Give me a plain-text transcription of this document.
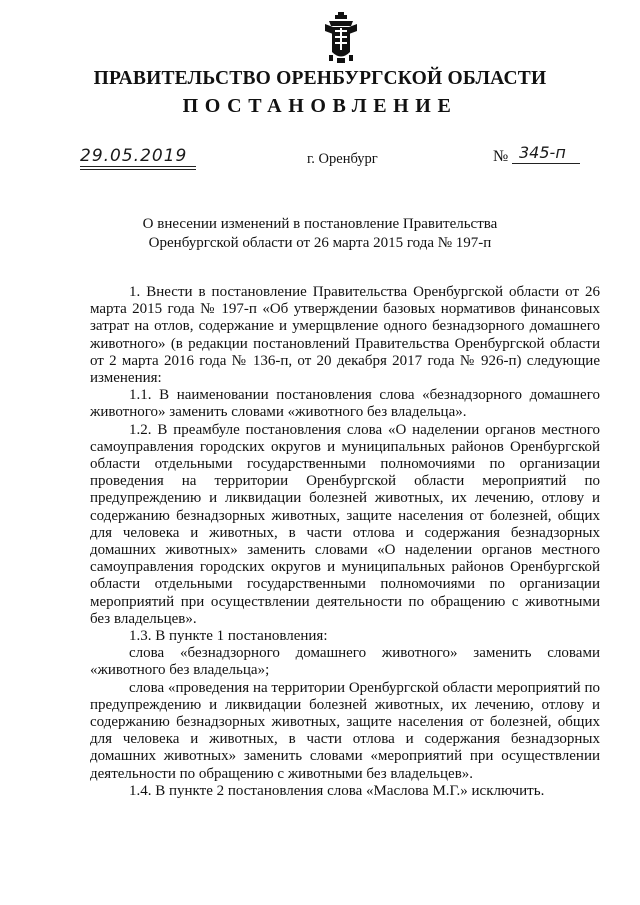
ПРАВИТЕЛЬСТВО ОРЕНБУРГСКОЙ ОБЛАСТИ
ПОСТАНОВЛЕНИЕ
29.05.2019	г. Оренбург	№ 345-п
О внесении изменений в постановление Правительства
Оренбургской области от 26 марта 2015 года № 197-п

1. Внести в постановление Правительства Оренбургской области от 26 марта 2015 года № 197-п «Об утверждении базовых нормативов финансовых затрат на отлов, содержание и умерщвление одного безнадзорного домашнего животного» (в редакции постановлений Правительства Оренбургской области от 2 марта 2016 года № 136-п, от 20 декабря 2017 года № 926-п) следующие изменения:

1.1. В наименовании постановления слова «безнадзорного домашнего животного» заменить словами «животного без владельца».

1.2. В преамбуле постановления слова «О наделении органов местного самоуправления городских округов и муниципальных районов Оренбургской области отдельными государственными полномочиями по организации проведения на территории Оренбургской области мероприятий по предупреждению и ликвидации болезней животных, их лечению, отлову и содержанию безнадзорных животных, защите населения от болезней, общих для человека и животных, в части отлова и содержания безнадзорных домашних животных» заменить словами «О наделении органов местного самоуправления городских округов и муниципальных районов Оренбургской области отдельными государственными полномочиями по организации мероприятий при осуществлении деятельности по обращению с животными без владельцев».

1.3. В пункте 1 постановления:

слова «безнадзорного домашнего животного» заменить словами «животного без владельца»;

слова «проведения на территории Оренбургской области мероприятий по предупреждению и ликвидации болезней животных, их лечению, отлову и содержанию безнадзорных животных, защите населения от болезней, общих для человека и животных, в части отлова и содержания безнадзорных домашних животных» заменить словами «мероприятий при осуществлении деятельности по обращению с животными без владельцев».

1.4. В пункте 2 постановления слова «Маслова М.Г.» исключить.
